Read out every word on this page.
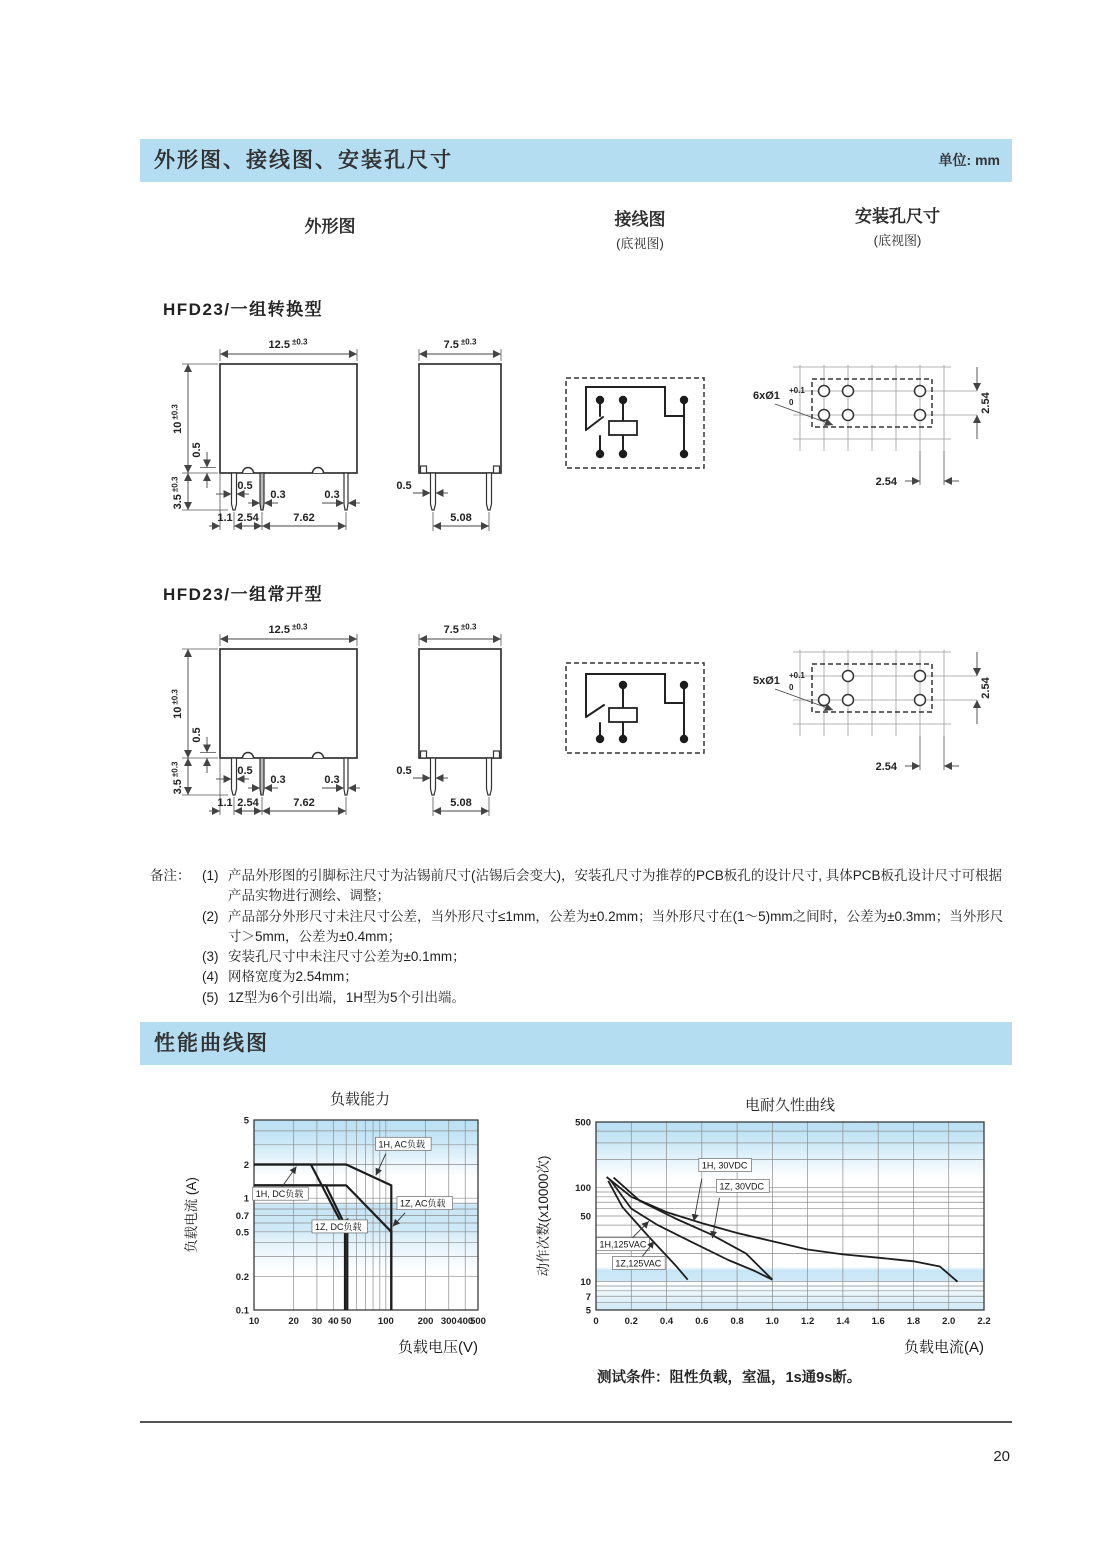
外形图、接线图、安装孔尺寸	单位: mm
外形图	接线图
(底视图)
安装孔尺寸
(底视图)
HFD23/一组转换型
12.5 $^{\pm 0.3}$
$10^{\pm 0.3}$
$3.5^{\pm 0.3}$
0.5
1.1 2.54	7.62
0.5
0.3	0.3
7.5 $^{\pm 0.3}$
0.5
5.08
6xØ1 +0.1
0	2.54
2.54
HFD23/一组常开型
12.5 $^{\pm 0.3}$
$10^{\pm 0.3}$
$3.5^{\pm 0.3}$
0.5
1.1 2.54	7.62
0.5
0.3	0.3
7.5 $^{\pm 0.3}$
0.5
5.08
5xØ1 +0.1
0	2.54
2.54
备注： (1) 产品外形图的引脚标注尺寸为沾锡前尺寸(沾锡后会变大)，安装孔尺寸为推荐的PCB板孔的设计尺寸, 具体PCB板孔设计尺寸可根据产品实物进行测绘、调整；
(2) 产品部分外形尺寸未注尺寸公差，当外形尺寸≤1mm，公差为±0.2mm；当外形尺寸在(1～5)mm之间时，公差为±0.3mm；当外形尺寸＞5mm，公差为±0.4mm；
(3) 安装孔尺寸中未注尺寸公差为±0.1mm；
(4) 网格宽度为2.54mm；
(5) 1Z型为6个引出端，1H型为5个引出端。
性能曲线图
负载能力	电耐久性曲线
10	20 30 40 50	100	200 300 400
500
5
2
1
0.7
0.5
0.2
0.1
1H, AC负载
1H, DC负载
1Z, AC负载
1Z, DC负载
负载电流 (A)
负载电压(V)
0	0.2 0.4 0.6 0.8 1.0 1.2 1.4 1.6 1.8 2.0 2.2
500
100
50
10
7
5
1H, 30VDC
1Z, 30VDC
1H,125VAC
1Z,125VAC
动作次数(x10000次)
负载电流(A)
测试条件：阻性负载，室温，1s通9s断。
20
